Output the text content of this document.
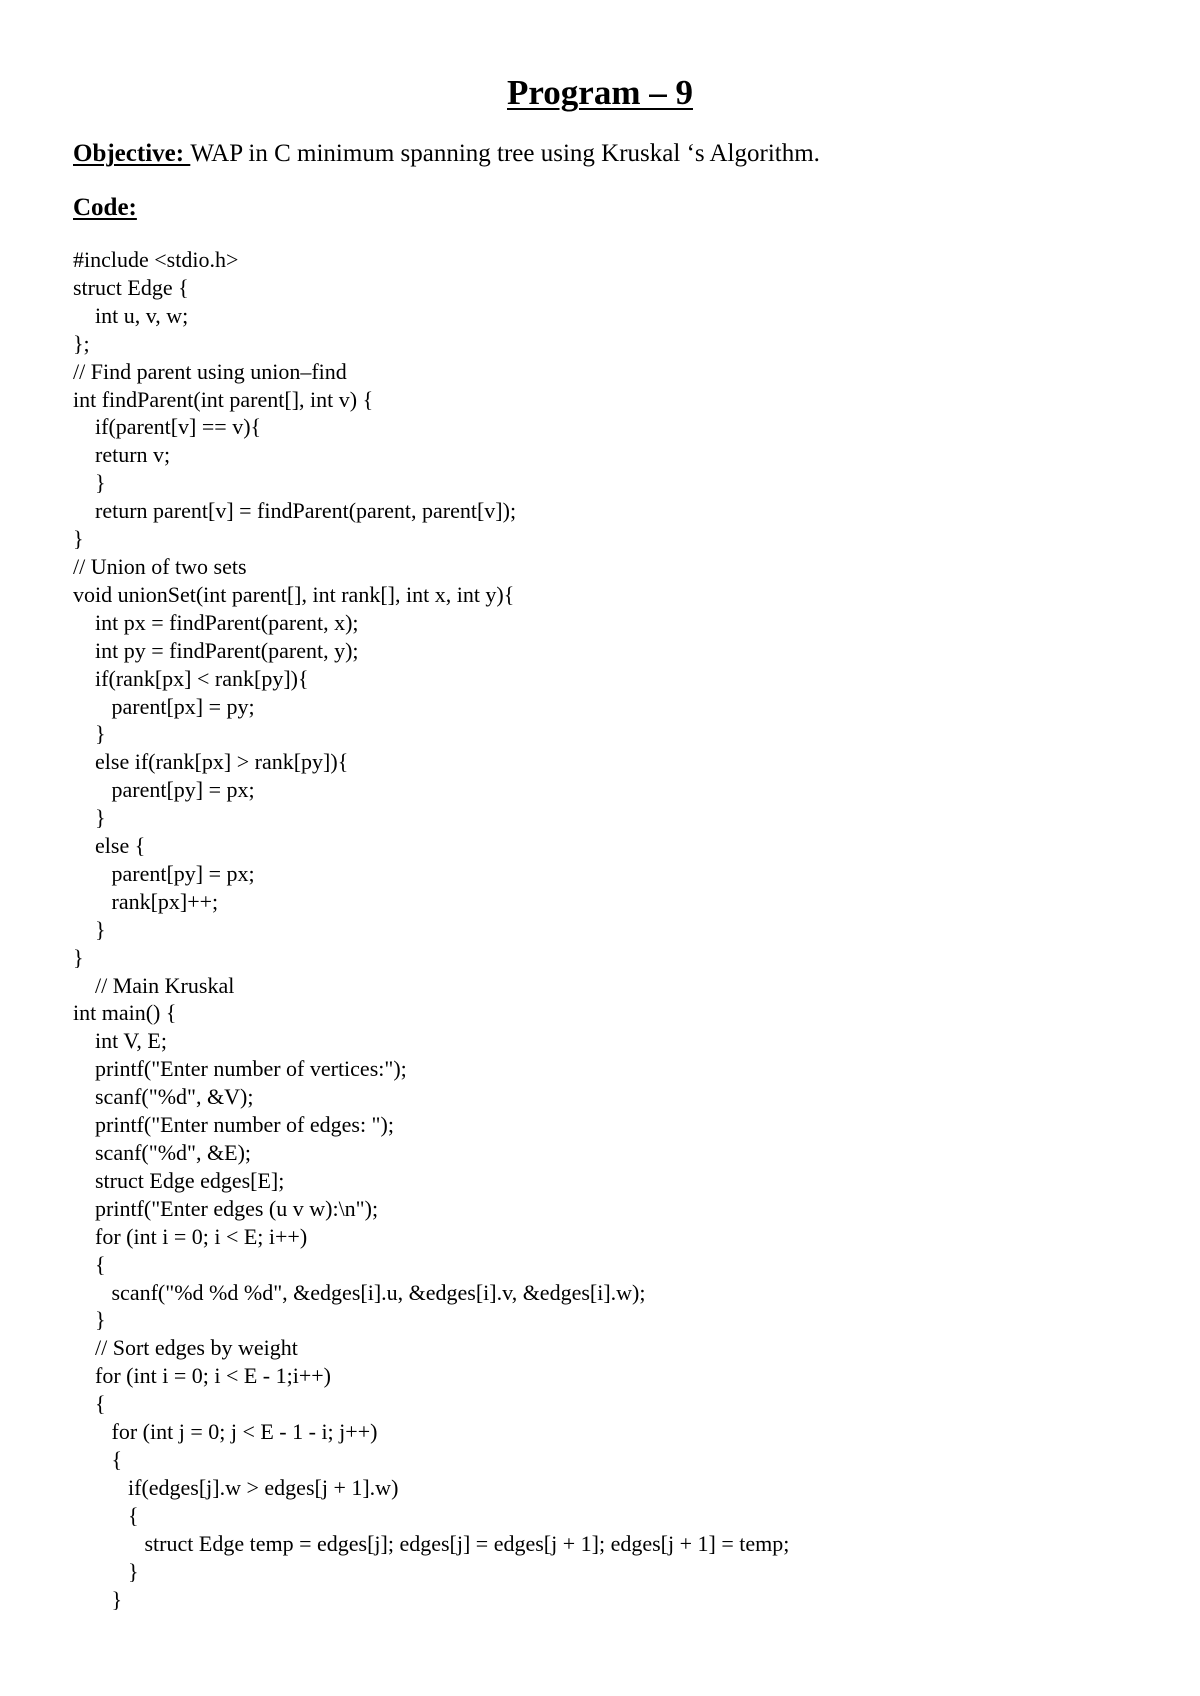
Program – 9
Objective: WAP in C minimum spanning tree using Kruskal ‘s Algorithm.
Code:
#include <stdio.h>
struct Edge {
int u, v, w;
};
// Find parent using union–find
int findParent(int parent[], int v) {
if(parent[v] == v){
return v;
}
return parent[v] = findParent(parent, parent[v]);
}
// Union of two sets
void unionSet(int parent[], int rank[], int x, int y){
int px = findParent(parent, x);
int py = findParent(parent, y);
if(rank[px] < rank[py]){
parent[px] = py;
}
else if(rank[px] > rank[py]){
parent[py] = px;
}
else {
parent[py] = px;
rank[px]++;
}
}
// Main Kruskal
int main() {
int V, E;
printf("Enter number of vertices:");
scanf("%d", &V);
printf("Enter number of edges: ");
scanf("%d", &E);
struct Edge edges[E];
printf("Enter edges (u v w):\n");
for (int i = 0; i < E; i++)
{
scanf("%d %d %d", &edges[i].u, &edges[i].v, &edges[i].w);
}
// Sort edges by weight
for (int i = 0; i < E - 1;i++)
{
for (int j = 0; j < E - 1 - i; j++)
{
if(edges[j].w > edges[j + 1].w)
{
struct Edge temp = edges[j]; edges[j] = edges[j + 1]; edges[j + 1] = temp;
}
}
